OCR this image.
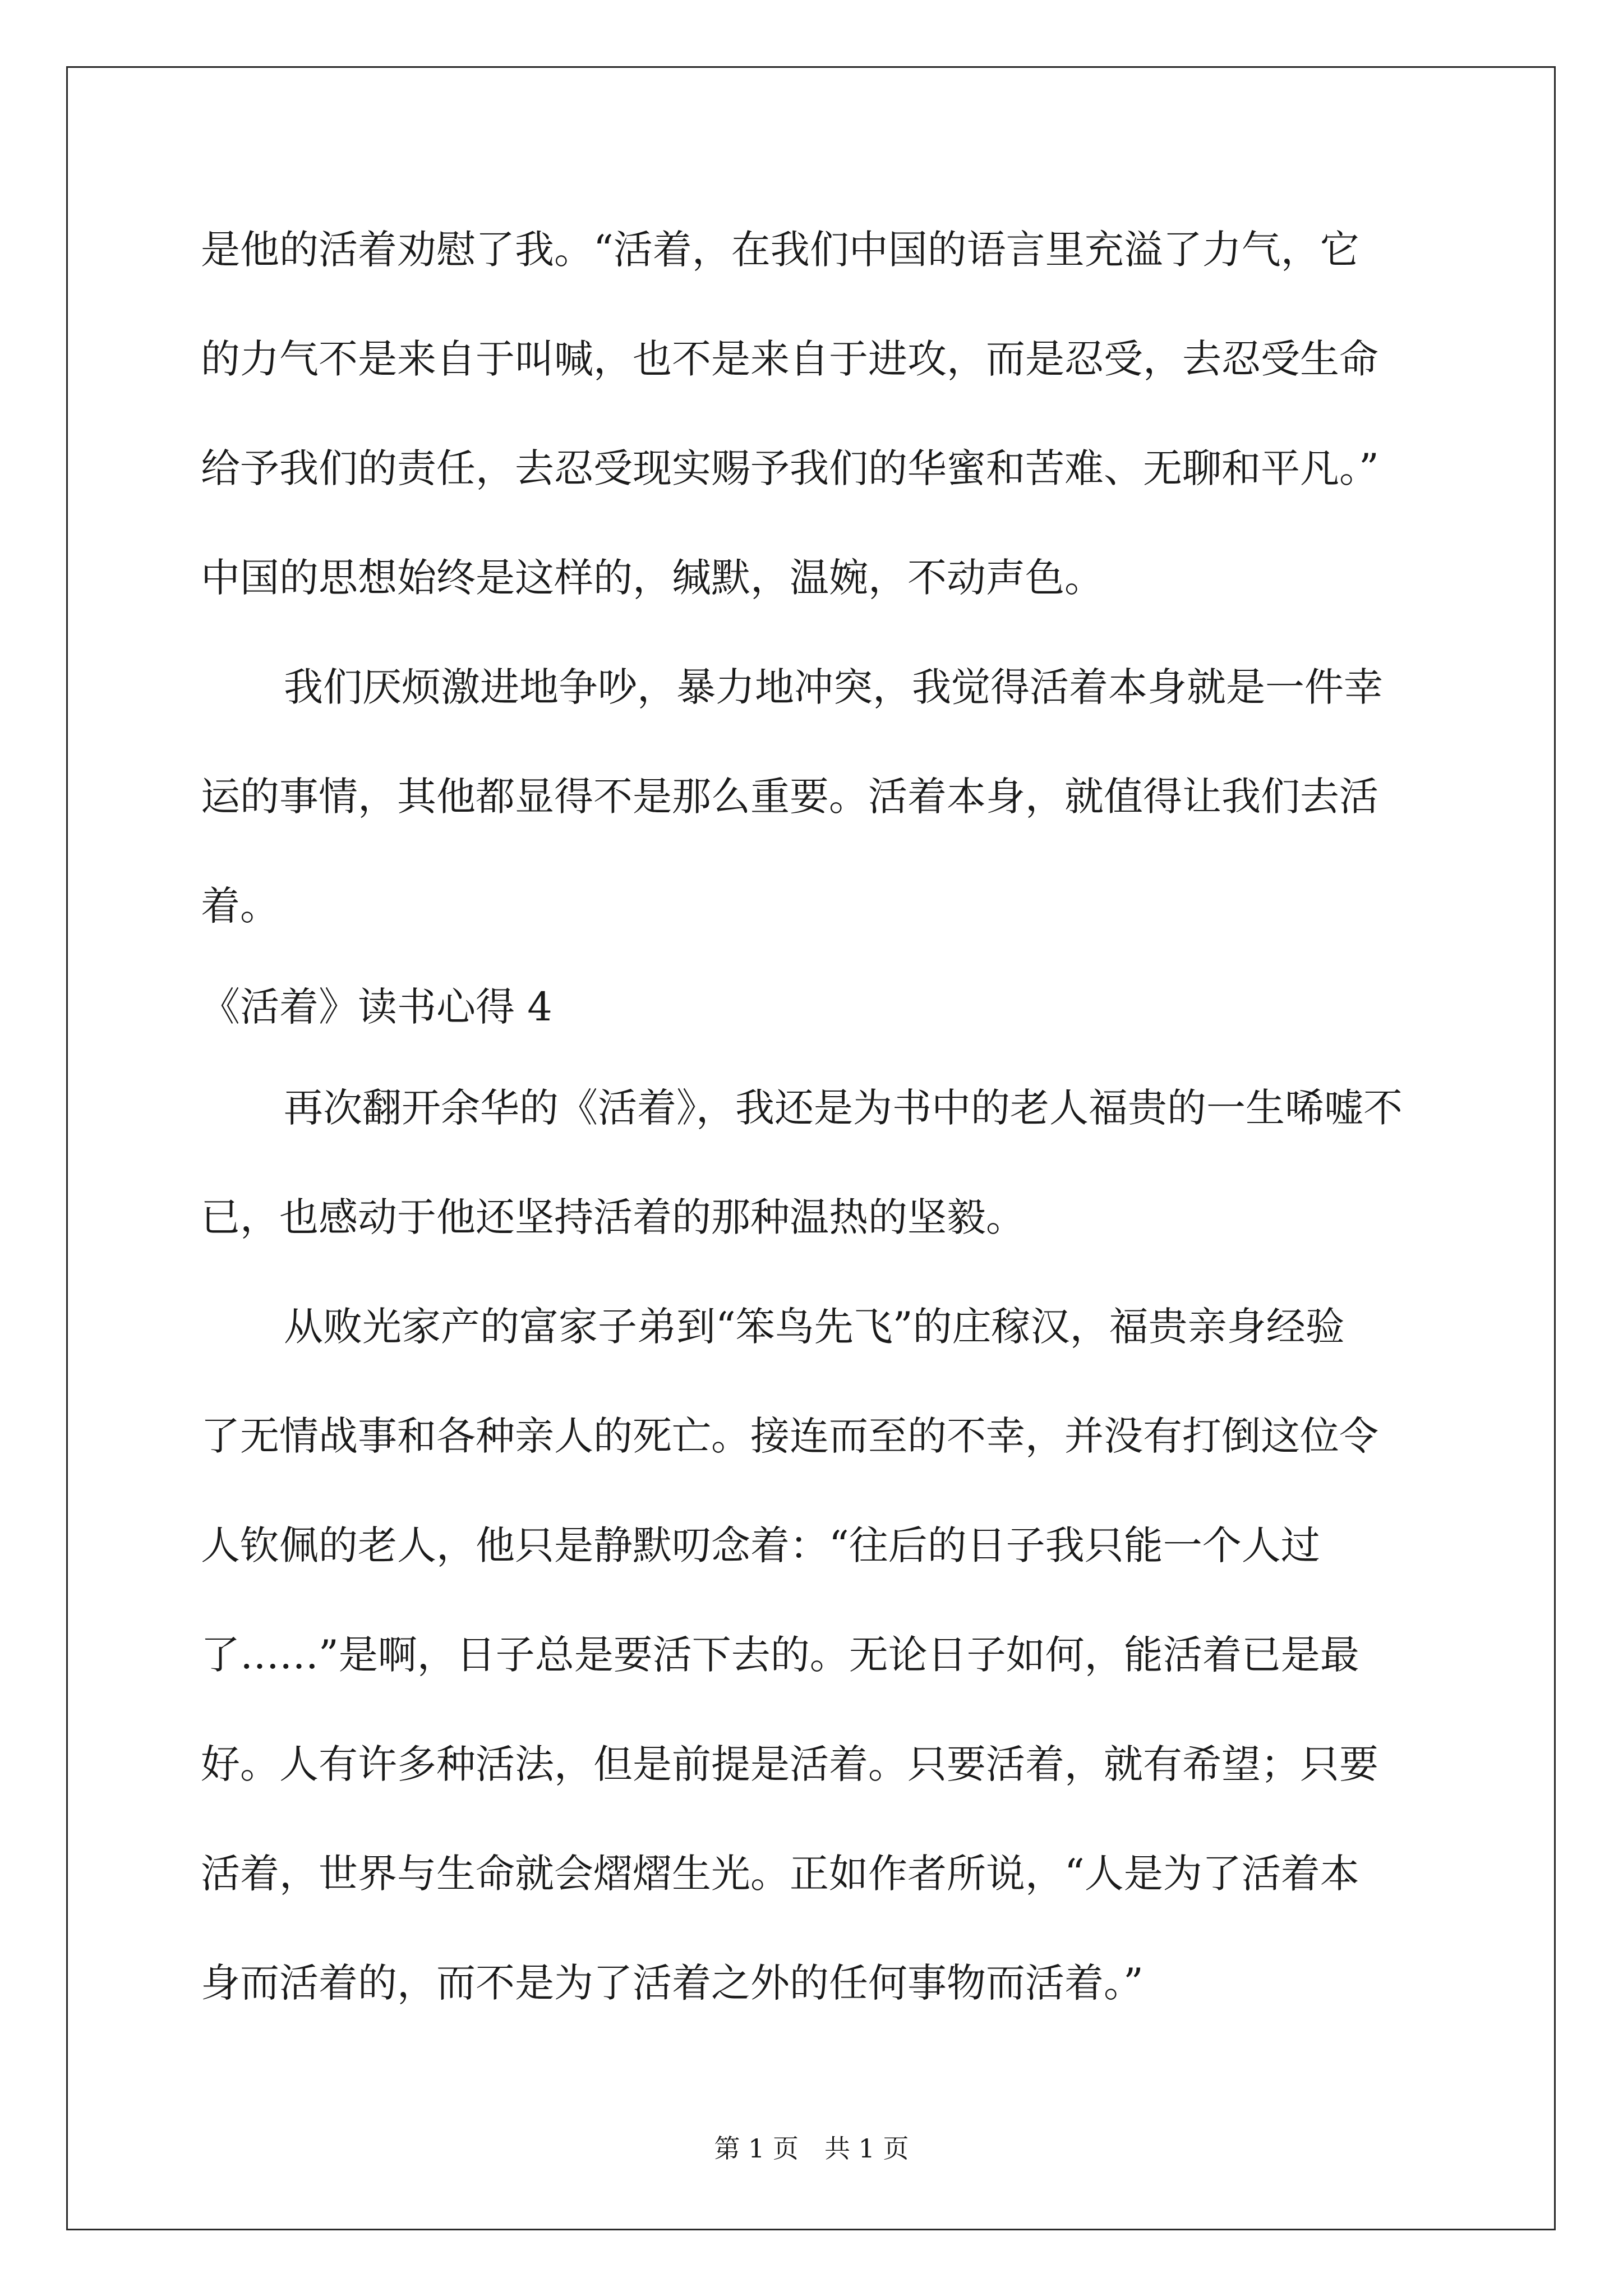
是他的活着劝慰了我。“活着，在我们中国的语言里充溢了力气，它
的力气不是来自于叫喊，也不是来自于进攻，而是忍受，去忍受生命
给予我们的责任，去忍受现实赐予我们的华蜜和苦难、无聊和平凡。”
中国的思想始终是这样的，缄默，温婉，不动声色。
我们厌烦激进地争吵，暴力地冲突，我觉得活着本身就是一件幸
运的事情，其他都显得不是那么重要。活着本身，就值得让我们去活
着。
《活着》读书心得 4
再次翻开余华的《活着》，我还是为书中的老人福贵的一生唏嘘不
已，也感动于他还坚持活着的那种温热的坚毅。
从败光家产的富家子弟到“笨鸟先飞”的庄稼汉，福贵亲身经验
了无情战事和各种亲人的死亡。接连而至的不幸，并没有打倒这位令
人钦佩的老人，他只是静默叨念着：“往后的日子我只能一个人过
了……”是啊，日子总是要活下去的。无论日子如何，能活着已是最
好。人有许多种活法，但是前提是活着。只要活着，就有希望；只要
活着，世界与生命就会熠熠生光。正如作者所说，“人是为了活着本
身而活着的，而不是为了活着之外的任何事物而活着。”
第 1 页　共 1 页
